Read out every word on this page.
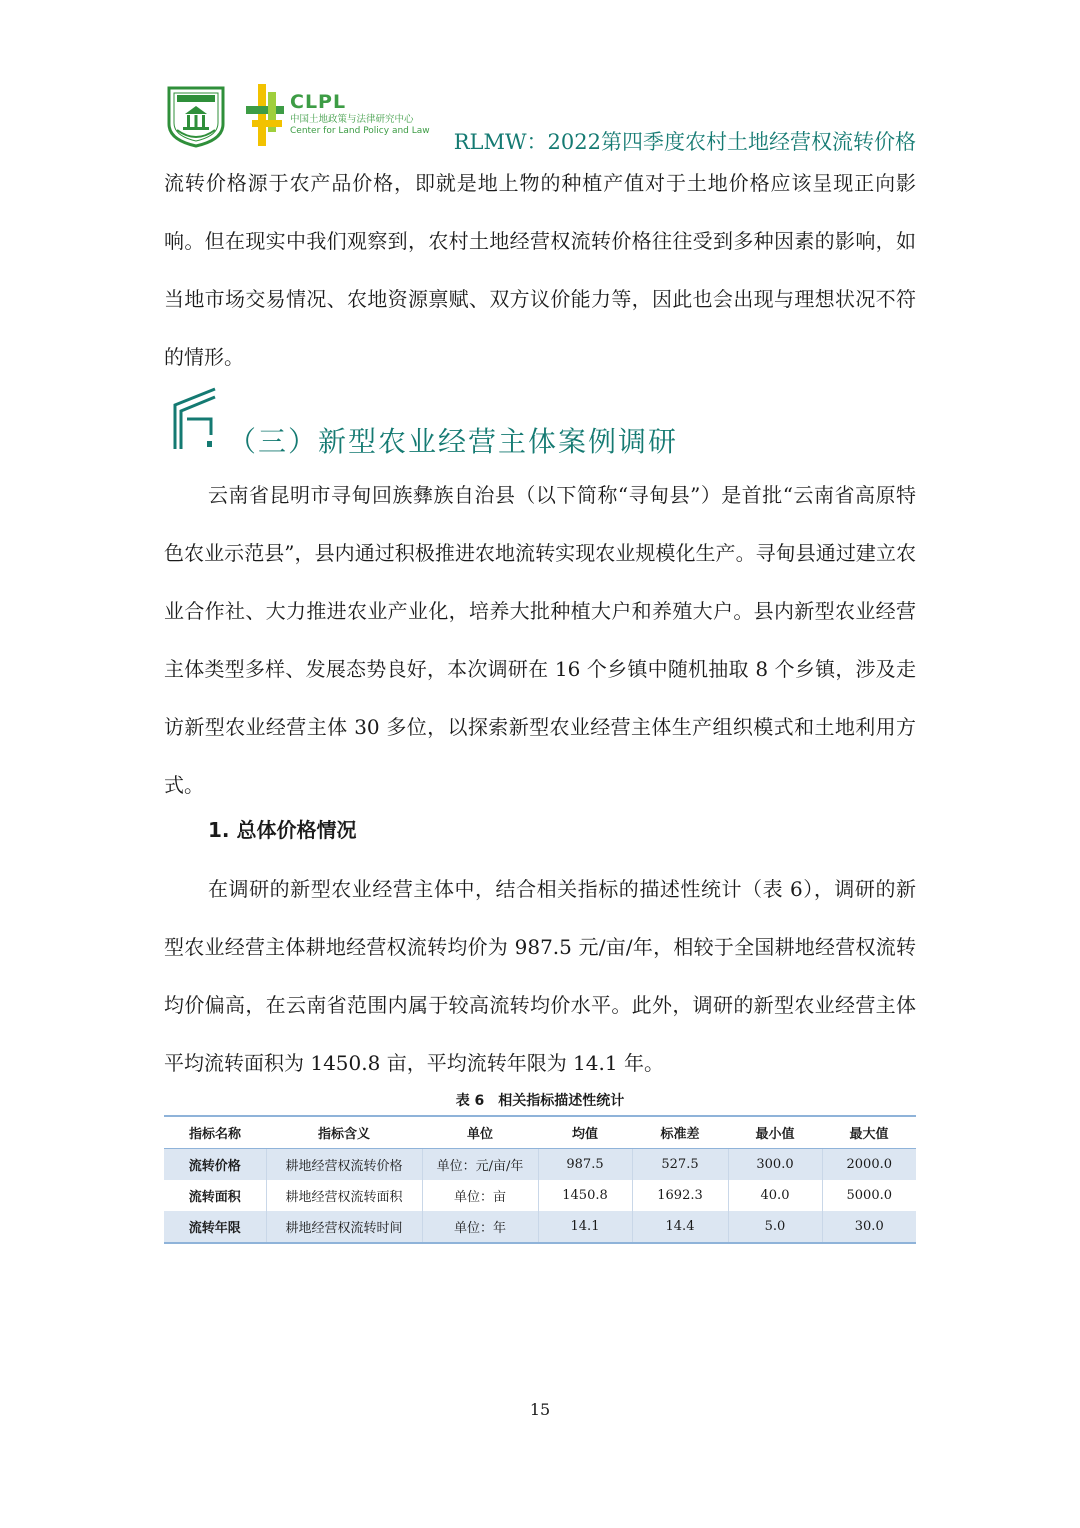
CLPL
中国土地政策与法律研究中心
Center for Land Policy and Law RLMW：2022第四季度农村土地经营权流转价格

流转价格源于农产品价格，即就是地上物的种植产值对于土地价格应该呈现正向影响。但在现实中我们观察到，农村土地经营权流转价格往往受到多种因素的影响，如当地市场交易情况、农地资源禀赋、双方议价能力等，因此也会出现与理想状况不符的情形。

（三）新型农业经营主体案例调研

云南省昆明市寻甸回族彝族自治县（以下简称“寻甸县”）是首批“云南省高原特色农业示范县”，县内通过积极推进农地流转实现农业规模化生产。寻甸县通过建立农业合作社、大力推进农业产业化，培养大批种植大户和养殖大户。县内新型农业经营主体类型多样、发展态势良好，本次调研在 16 个乡镇中随机抽取 8 个乡镇，涉及走访新型农业经营主体 30 多位，以探索新型农业经营主体生产组织模式和土地利用方式。

1. 总体价格情况

在调研的新型农业经营主体中，结合相关指标的描述性统计（表 6），调研的新型农业经营主体耕地经营权流转均价为 987.5 元/亩/年，相较于全国耕地经营权流转均价偏高，在云南省范围内属于较高流转均价水平。此外，调研的新型农业经营主体平均流转面积为 1450.8 亩，平均流转年限为 14.1 年。

表 6　相关指标描述性统计
指标名称	指标含义	单位	均值	标准差	最小值	最大值
流转价格	耕地经营权流转价格	单位：元/亩/年	987.5	527.5	300.0	2000.0
流转面积	耕地经营权流转面积	单位：亩	1450.8	1692.3	40.0	5000.0
流转年限	耕地经营权流转时间	单位：年	14.1	14.4	5.0	30.0
15
